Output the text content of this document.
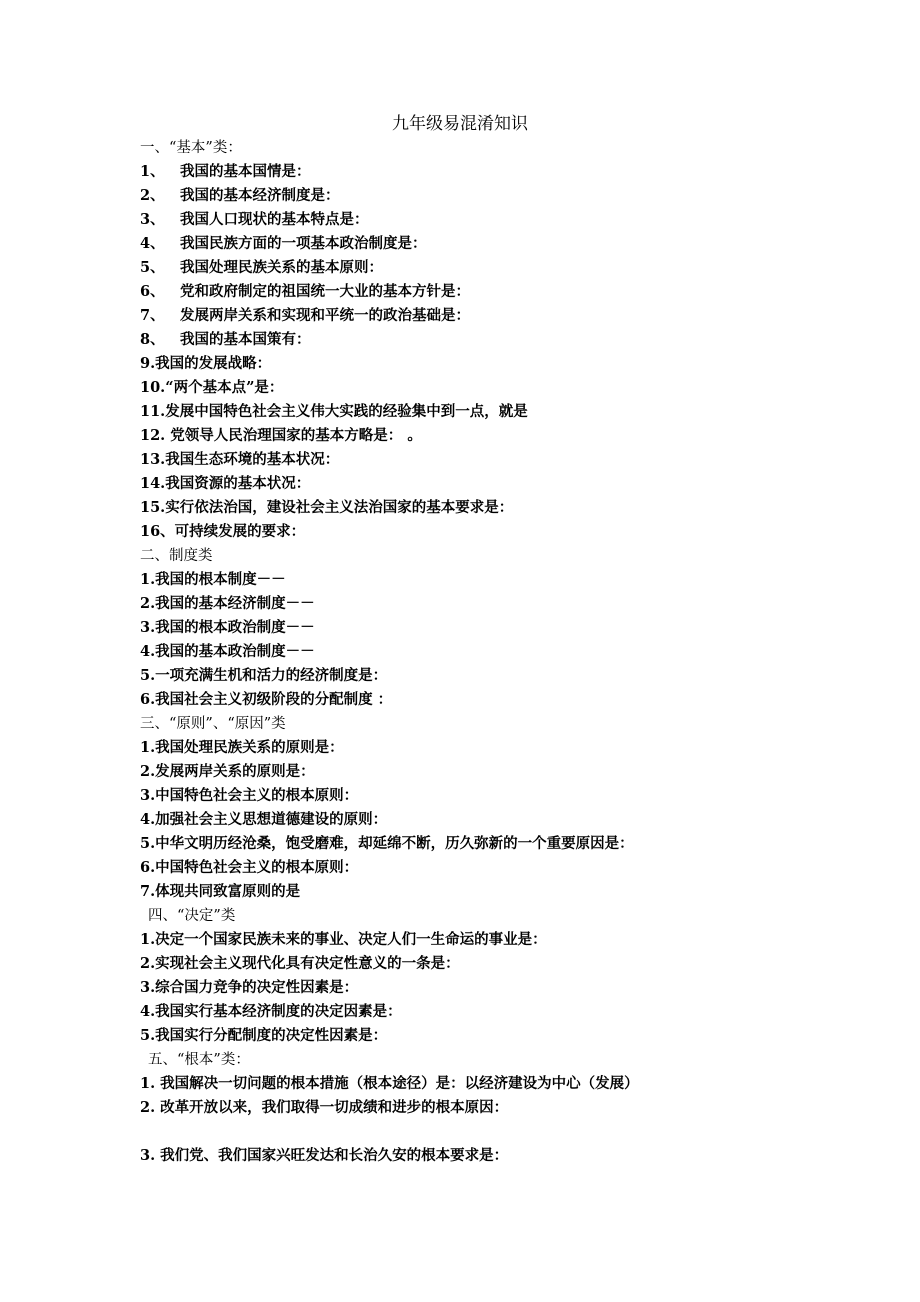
九年级易混淆知识
一、“基本”类：
1、 我国的基本国情是：
2、 我国的基本经济制度是：
3、 我国人口现状的基本特点是：
4、 我国民族方面的一项基本政治制度是：
5、 我国处理民族关系的基本原则：
6、 党和政府制定的祖国统一大业的基本方针是：
7、 发展两岸关系和实现和平统一的政治基础是：
8、 我国的基本国策有：
9.我国的发展战略：
10.“两个基本点”是：
11.发展中国特色社会主义伟大实践的经验集中到一点，就是
12. 党领导人民治理国家的基本方略是： 。
13.我国生态环境的基本状况：
14.我国资源的基本状况：
15.实行依法治国，建设社会主义法治国家的基本要求是：
16、可持续发展的要求：
二、制度类
1.我国的根本制度－－
2.我国的基本经济制度－－
3.我国的根本政治制度－－
4.我国的基本政治制度－－
5.一项充满生机和活力的经济制度是：
6.我国社会主义初级阶段的分配制度 ：
三、“原则”、“原因”类
1.我国处理民族关系的原则是：
2.发展两岸关系的原则是：
3.中国特色社会主义的根本原则：
4.加强社会主义思想道德建设的原则：
5.中华文明历经沧桑，饱受磨难，却延绵不断，历久弥新的一个重要原因是：
6.中国特色社会主义的根本原则：
7.体现共同致富原则的是
四、“决定”类
1.决定一个国家民族未来的事业、决定人们一生命运的事业是：
2.实现社会主义现代化具有决定性意义的一条是：
3.综合国力竞争的决定性因素是：
4.我国实行基本经济制度的决定因素是：
5.我国实行分配制度的决定性因素是：
五、“根本”类：
1. 我国解决一切问题的根本措施（根本途径）是：以经济建设为中心（发展）
2. 改革开放以来，我们取得一切成绩和进步的根本原因：
3. 我们党、我们国家兴旺发达和长治久安的根本要求是：
